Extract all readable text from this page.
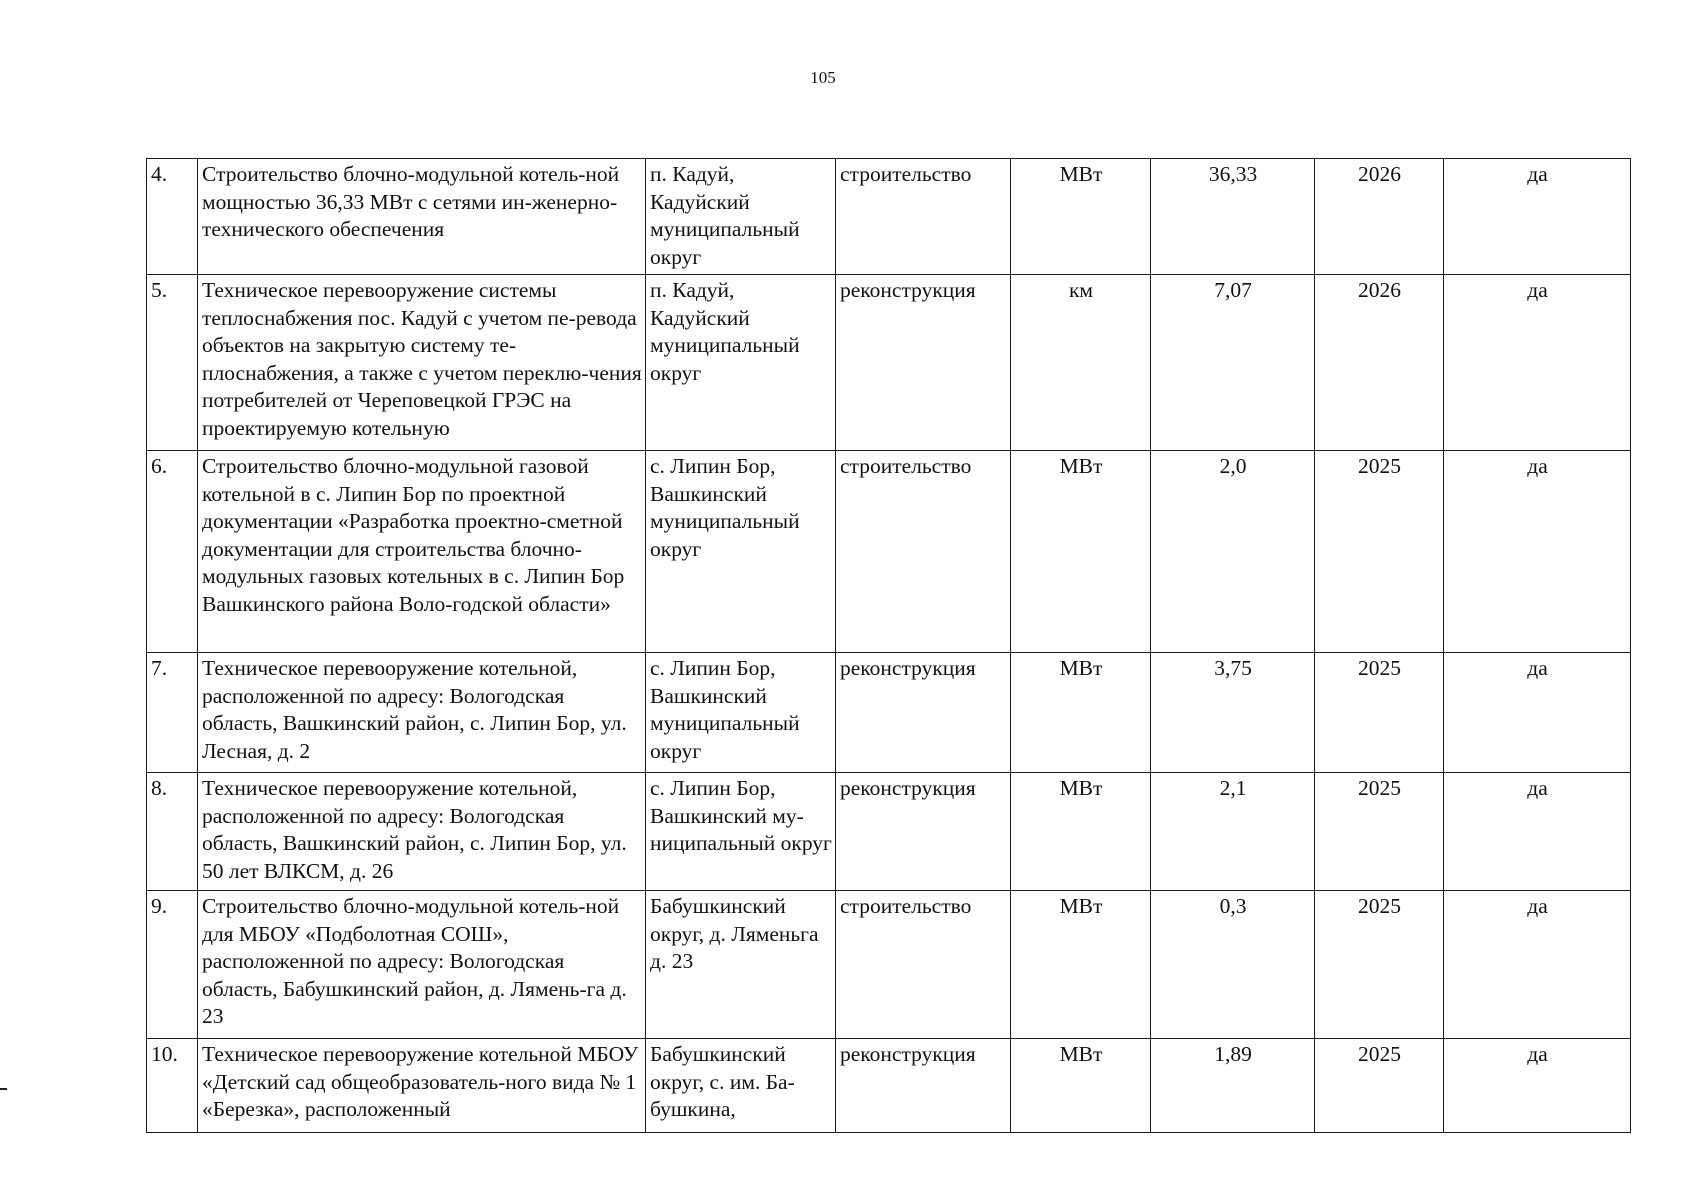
105
4.	Строительство блочно-модульной котель-ной мощностью 36,33 МВт с сетями ин-женерно-технического обеспечения	п. Кадуй, Кадуйский муниципальный округ	строительство	МВт	36,33	2026	да
5.	Техническое перевооружение системы теплоснабжения пос. Кадуй с учетом пе-ревода объектов на закрытую систему те-плоснабжения, а также с учетом переклю-чения потребителей от Череповецкой ГРЭС на проектируемую котельную	п. Кадуй, Кадуйский муниципальный округ	реконструкция	км	7,07	2026	да
6.	Строительство блочно-модульной газовой котельной в с. Липин Бор по проектной документации «Разработка проектно-сметной документации для строительства блочно-модульных газовых котельных в с. Липин Бор Вашкинского района Воло-годской области»	с. Липин Бор, Вашкинский муниципальный округ	строительство	МВт	2,0	2025	да
7.	Техническое перевооружение котельной, расположенной по адресу: Вологодская область, Вашкинский район, с. Липин Бор, ул. Лесная, д. 2	с. Липин Бор, Вашкинский муниципальный округ	реконструкция	МВт	3,75	2025	да
8.	Техническое перевооружение котельной, расположенной по адресу: Вологодская область, Вашкинский район, с. Липин Бор, ул. 50 лет ВЛКСМ, д. 26	с. Липин Бор, Вашкинский му-ниципальный округ	реконструкция	МВт	2,1	2025	да
9.	Строительство блочно-модульной котель-ной для МБОУ «Подболотная СОШ», расположенной по адресу: Вологодская область, Бабушкинский район, д. Лямень-га д. 23	Бабушкинский округ, д. Ляменьга д. 23	строительство	МВт	0,3	2025	да
10.	Техническое перевооружение котельной МБОУ «Детский сад общеобразователь-ного вида № 1 «Березка», расположенный	Бабушкинский округ, с. им. Ба-бушкина,	реконструкция	МВт	1,89	2025	да
